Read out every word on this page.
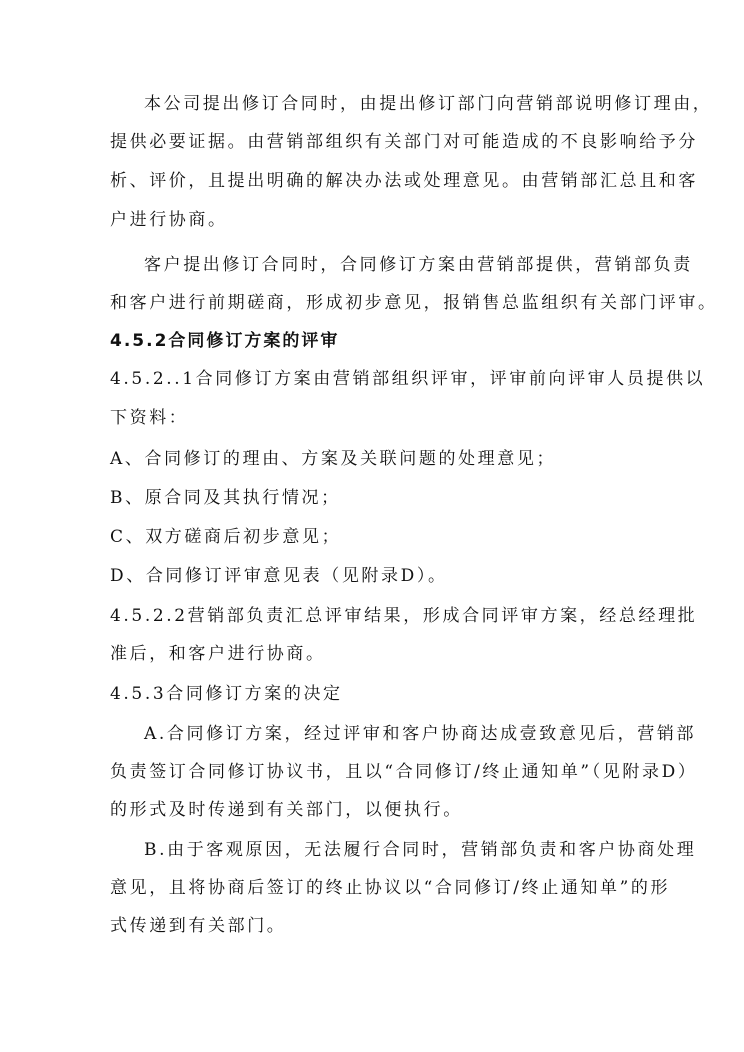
本公司提出修订合同时，由提出修订部门向营销部说明修订理由，
提供必要证据。由营销部组织有关部门对可能造成的不良影响给予分
析、评价，且提出明确的解决办法或处理意见。由营销部汇总且和客
户进行协商。
客户提出修订合同时，合同修订方案由营销部提供，营销部负责
和客户进行前期磋商，形成初步意见，报销售总监组织有关部门评审。
4.5.2合同修订方案的评审
4.5.2..1合同修订方案由营销部组织评审，评审前向评审人员提供以
下资料：
A、合同修订的理由、方案及关联问题的处理意见；
B、原合同及其执行情况；
C、双方磋商后初步意见；
D、合同修订评审意见表（见附录D）。
4.5.2.2营销部负责汇总评审结果，形成合同评审方案，经总经理批
准后，和客户进行协商。
4.5.3合同修订方案的决定
A.合同修订方案，经过评审和客户协商达成壹致意见后，营销部
负责签订合同修订协议书，且以“合同修订/终止通知单”（见附录D）
的形式及时传递到有关部门，以便执行。
B.由于客观原因，无法履行合同时，营销部负责和客户协商处理
意见，且将协商后签订的终止协议以“合同修订/终止通知单”的形
式传递到有关部门。
